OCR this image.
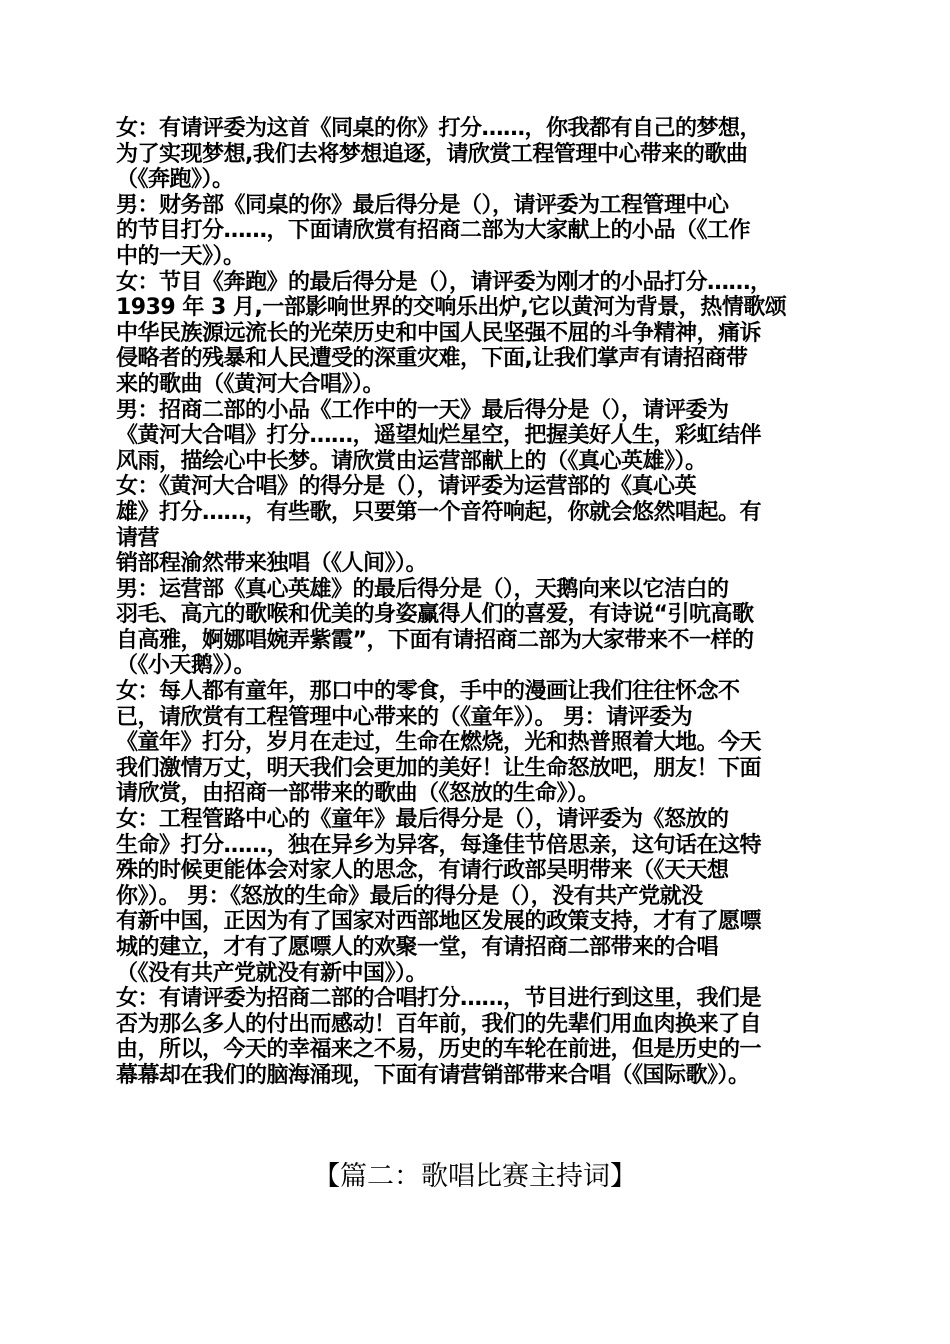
女：有请评委为这首《同桌的你》打分……，你我都有自己的梦想，
为了实现梦想,我们去将梦想追逐，请欣赏工程管理中心带来的歌曲
（《奔跑》）。
男：财务部《同桌的你》最后得分是（），请评委为工程管理中心
的节目打分……，下面请欣赏有招商二部为大家献上的小品（《工作
中的一天》）。
女：节目《奔跑》的最后得分是（），请评委为刚才的小品打分……，
1939 年 3 月,一部影响世界的交响乐出炉,它以黄河为背景，热情歌颂
中华民族源远流长的光荣历史和中国人民坚强不屈的斗争精神，痛诉
侵略者的残暴和人民遭受的深重灾难，下面,让我们掌声有请招商带
来的歌曲（《黄河大合唱》）。
男：招商二部的小品《工作中的一天》最后得分是（），请评委为
《黄河大合唱》打分……，遥望灿烂星空，把握美好人生，彩虹结伴
风雨，描绘心中长梦。请欣赏由运营部献上的（《真心英雄》）。
女：《黄河大合唱》的得分是（），请评委为运营部的《真心英
雄》打分……，有些歌，只要第一个音符响起，你就会悠然唱起。有
请营
销部程渝然带来独唱（《人间》）。
男：运营部《真心英雄》的最后得分是（），天鹅向来以它洁白的
羽毛、高亢的歌喉和优美的身姿赢得人们的喜爱，有诗说“引吭高歌
自高雅，婀娜唱婉弄紫霞”，下面有请招商二部为大家带来不一样的
（《小天鹅》）。
女：每人都有童年，那口中的零食，手中的漫画让我们往往怀念不
已，请欣赏有工程管理中心带来的（《童年》）。 男：请评委为
《童年》打分，岁月在走过，生命在燃烧，光和热普照着大地。今天
我们激情万丈，明天我们会更加的美好！让生命怒放吧，朋友！下面
请欣赏，由招商一部带来的歌曲（《怒放的生命》）。
女：工程管路中心的《童年》最后得分是（），请评委为《怒放的
生命》打分……，独在异乡为异客，每逢佳节倍思亲，这句话在这特
殊的时候更能体会对家人的思念，有请行政部吴明带来（《天天想
你》）。 男：《怒放的生命》最后的得分是（），没有共产党就没
有新中国，正因为有了国家对西部地区发展的政策支持，才有了愿嘌
城的建立，才有了愿嘌人的欢聚一堂，有请招商二部带来的合唱
（《没有共产党就没有新中国》）。
女：有请评委为招商二部的合唱打分……，节目进行到这里，我们是
否为那么多人的付出而感动！百年前，我们的先辈们用血肉换来了自
由，所以，今天的幸福来之不易，历史的车轮在前进，但是历史的一
幕幕却在我们的脑海涌现，下面有请营销部带来合唱（《国际歌》）。
【篇二：歌唱比赛主持词】
